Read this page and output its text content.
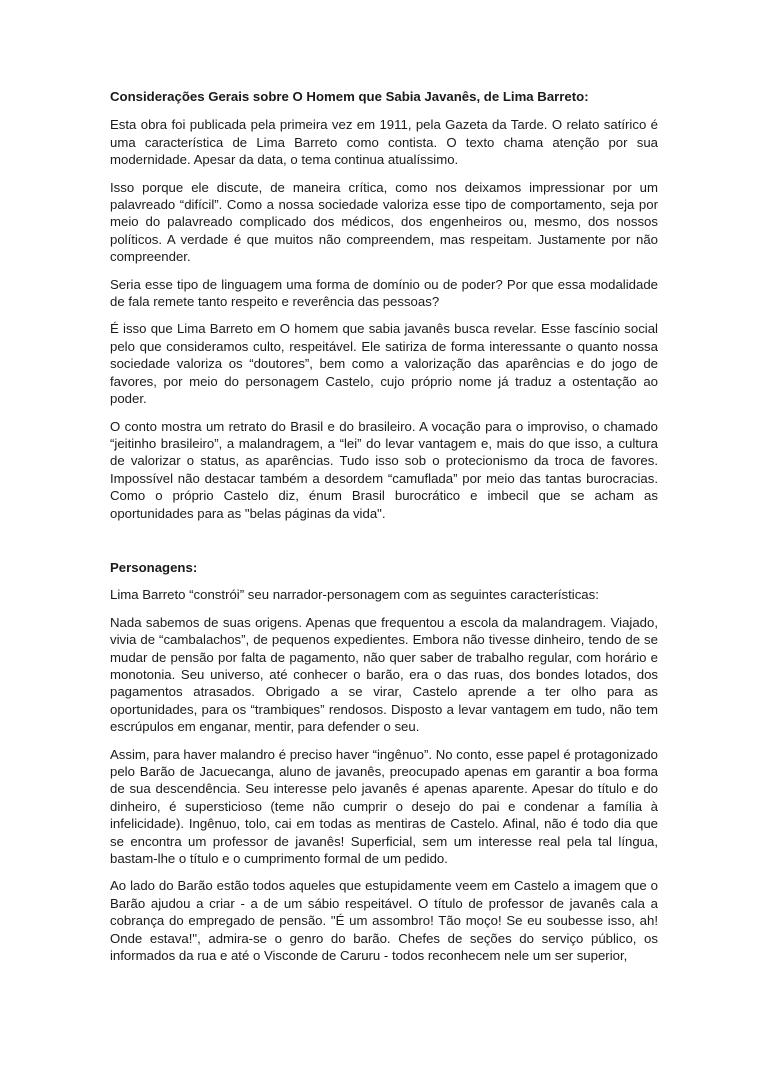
Considerações Gerais sobre O Homem que Sabia Javanês, de Lima Barreto:

Esta obra foi publicada pela primeira vez em 1911, pela Gazeta da Tarde. O relato satírico é uma característica de Lima Barreto como contista. O texto chama atenção por sua modernidade. Apesar da data, o tema continua atualíssimo.

Isso porque ele discute, de maneira crítica, como nos deixamos impressionar por um palavreado “difícil”. Como a nossa sociedade valoriza esse tipo de comportamento, seja por meio do palavreado complicado dos médicos, dos engenheiros ou, mesmo, dos nossos políticos. A verdade é que muitos não compreendem, mas respeitam. Justamente por não compreender.

Seria esse tipo de linguagem uma forma de domínio ou de poder? Por que essa modalidade de fala remete tanto respeito e reverência das pessoas?

É isso que Lima Barreto em O homem que sabia javanês busca revelar. Esse fascínio social pelo que consideramos culto, respeitável. Ele satiriza de forma interessante o quanto nossa sociedade valoriza os “doutores”, bem como a valorização das aparências e do jogo de favores, por meio do personagem Castelo, cujo próprio nome já traduz a ostentação ao poder.

O conto mostra um retrato do Brasil e do brasileiro. A vocação para o improviso, o chamado “jeitinho brasileiro”, a malandragem, a “lei” do levar vantagem e, mais do que isso, a cultura de valorizar o status, as aparências. Tudo isso sob o protecionismo da troca de favores. Impossível não destacar também a desordem “camuflada” por meio das tantas burocracias. Como o próprio Castelo diz, énum Brasil burocrático e imbecil que se acham as oportunidades para as "belas páginas da vida".

Personagens:

Lima Barreto “constrói” seu narrador-personagem com as seguintes características:

Nada sabemos de suas origens. Apenas que frequentou a escola da malandragem. Viajado, vivia de “cambalachos”, de pequenos expedientes. Embora não tivesse dinheiro, tendo de se mudar de pensão por falta de pagamento, não quer saber de trabalho regular, com horário e monotonia. Seu universo, até conhecer o barão, era o das ruas, dos bondes lotados, dos pagamentos atrasados. Obrigado a se virar, Castelo aprende a ter olho para as oportunidades, para os “trambiques” rendosos. Disposto a levar vantagem em tudo, não tem escrúpulos em enganar, mentir, para defender o seu.

Assim, para haver malandro é preciso haver “ingênuo”. No conto, esse papel é protagonizado pelo Barão de Jacuecanga, aluno de javanês, preocupado apenas em garantir a boa forma de sua descendência. Seu interesse pelo javanês é apenas aparente. Apesar do título e do dinheiro, é supersticioso (teme não cumprir o desejo do pai e condenar a família à infelicidade). Ingênuo, tolo, cai em todas as mentiras de Castelo. Afinal, não é todo dia que se encontra um professor de javanês! Superficial, sem um interesse real pela tal língua, bastam-lhe o título e o cumprimento formal de um pedido.

Ao lado do Barão estão todos aqueles que estupidamente veem em Castelo a imagem que o Barão ajudou a criar - a de um sábio respeitável. O título de professor de javanês cala a cobrança do empregado de pensão. "É um assombro! Tão moço! Se eu soubesse isso, ah! Onde estava!", admira-se o genro do barão. Chefes de seções do serviço público, os informados da rua e até o Visconde de Caruru - todos reconhecem nele um ser superior,
